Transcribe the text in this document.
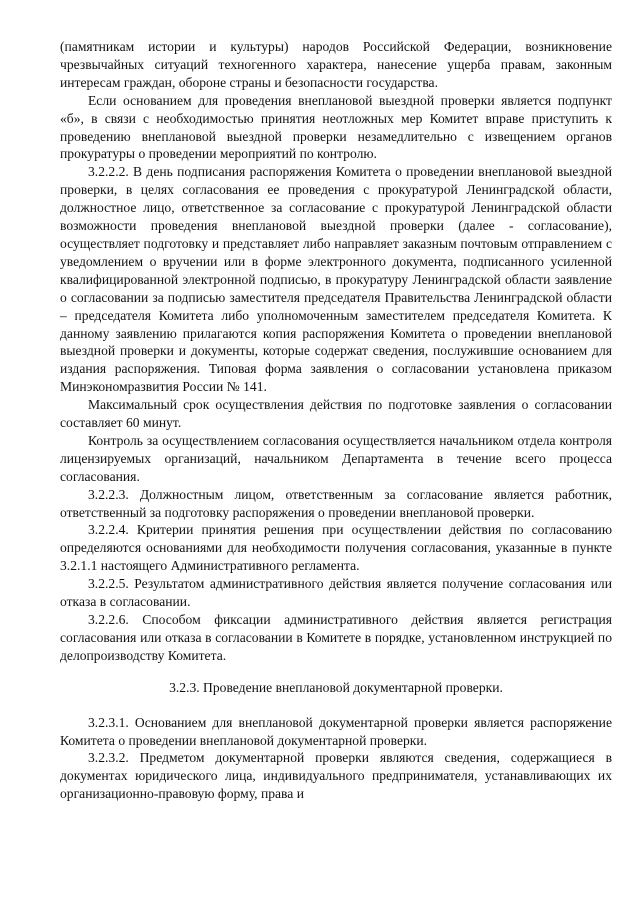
(памятникам истории и культуры) народов Российской Федерации, возникновение чрезвычайных ситуаций техногенного характера, нанесение ущерба правам, законным интересам граждан, обороне страны и безопасности государства.

Если основанием для проведения внеплановой выездной проверки является подпункт «б», в связи с необходимостью принятия неотложных мер Комитет вправе приступить к проведению внеплановой выездной проверки незамедлительно с извещением органов прокуратуры о проведении мероприятий по контролю.

3.2.2.2. В день подписания распоряжения Комитета о проведении внеплановой выездной проверки, в целях согласования ее проведения с прокуратурой Ленинградской области, должностное лицо, ответственное за согласование с прокуратурой Ленинградской области возможности проведения внеплановой выездной проверки (далее - согласование), осуществляет подготовку и представляет либо направляет заказным почтовым отправлением с уведомлением о вручении или в форме электронного документа, подписанного усиленной квалифицированной электронной подписью, в прокуратуру Ленинградской области заявление о согласовании за подписью заместителя председателя Правительства Ленинградской области – председателя Комитета либо уполномоченным заместителем председателя Комитета. К данному заявлению прилагаются копия распоряжения Комитета о проведении внеплановой выездной проверки и документы, которые содержат сведения, послужившие основанием для издания распоряжения. Типовая форма заявления о согласовании установлена приказом Минэкономразвития России № 141.

Максимальный срок осуществления действия по подготовке заявления о согласовании составляет 60 минут.

Контроль за осуществлением согласования осуществляется начальником отдела контроля лицензируемых организаций, начальником Департамента в течение всего процесса согласования.

3.2.2.3. Должностным лицом, ответственным за согласование является работник, ответственный за подготовку распоряжения о проведении внеплановой проверки.

3.2.2.4. Критерии принятия решения при осуществлении действия по согласованию определяются основаниями для необходимости получения согласования, указанные в пункте 3.2.1.1 настоящего Административного регламента.

3.2.2.5. Результатом административного действия является получение согласования или отказа в согласовании.

3.2.2.6. Способом фиксации административного действия является регистрация согласования или отказа в согласовании в Комитете в порядке, установленном инструкцией по делопроизводству Комитета.

3.2.3. Проведение внеплановой документарной проверки.

3.2.3.1. Основанием для внеплановой документарной проверки является распоряжение Комитета о проведении внеплановой документарной проверки.

3.2.3.2. Предметом документарной проверки являются сведения, содержащиеся в документах юридического лица, индивидуального предпринимателя, устанавливающих их организационно-правовую форму, права и
